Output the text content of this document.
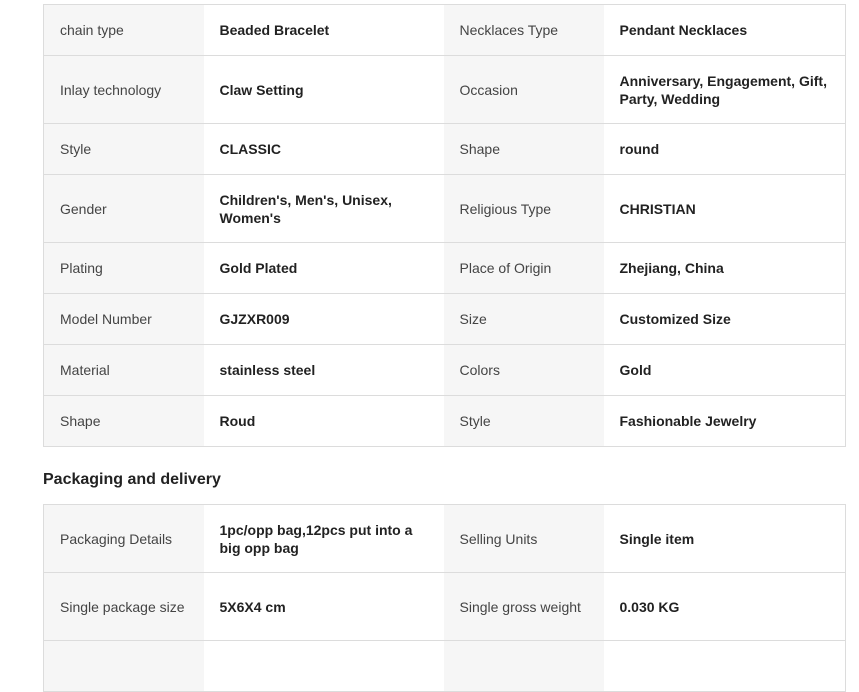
chain type	Beaded Bracelet	Necklaces Type	Pendant Necklaces
Inlay technology	Claw Setting	Occasion	Anniversary, Engagement, Gift, Party, Wedding
Style	CLASSIC	Shape	round
Gender	Children's, Men's, Unisex, Women's	Religious Type	CHRISTIAN
Plating	Gold Plated	Place of Origin	Zhejiang, China
Model Number	GJZXR009	Size	Customized Size
Material	stainless steel	Colors	Gold
Shape	Roud	Style	Fashionable Jewelry
Packaging and delivery
Packaging Details	1pc/opp bag,12pcs put into a big opp bag	Selling Units	Single item
Single package size	5X6X4 cm	Single gross weight	0.030 KG
